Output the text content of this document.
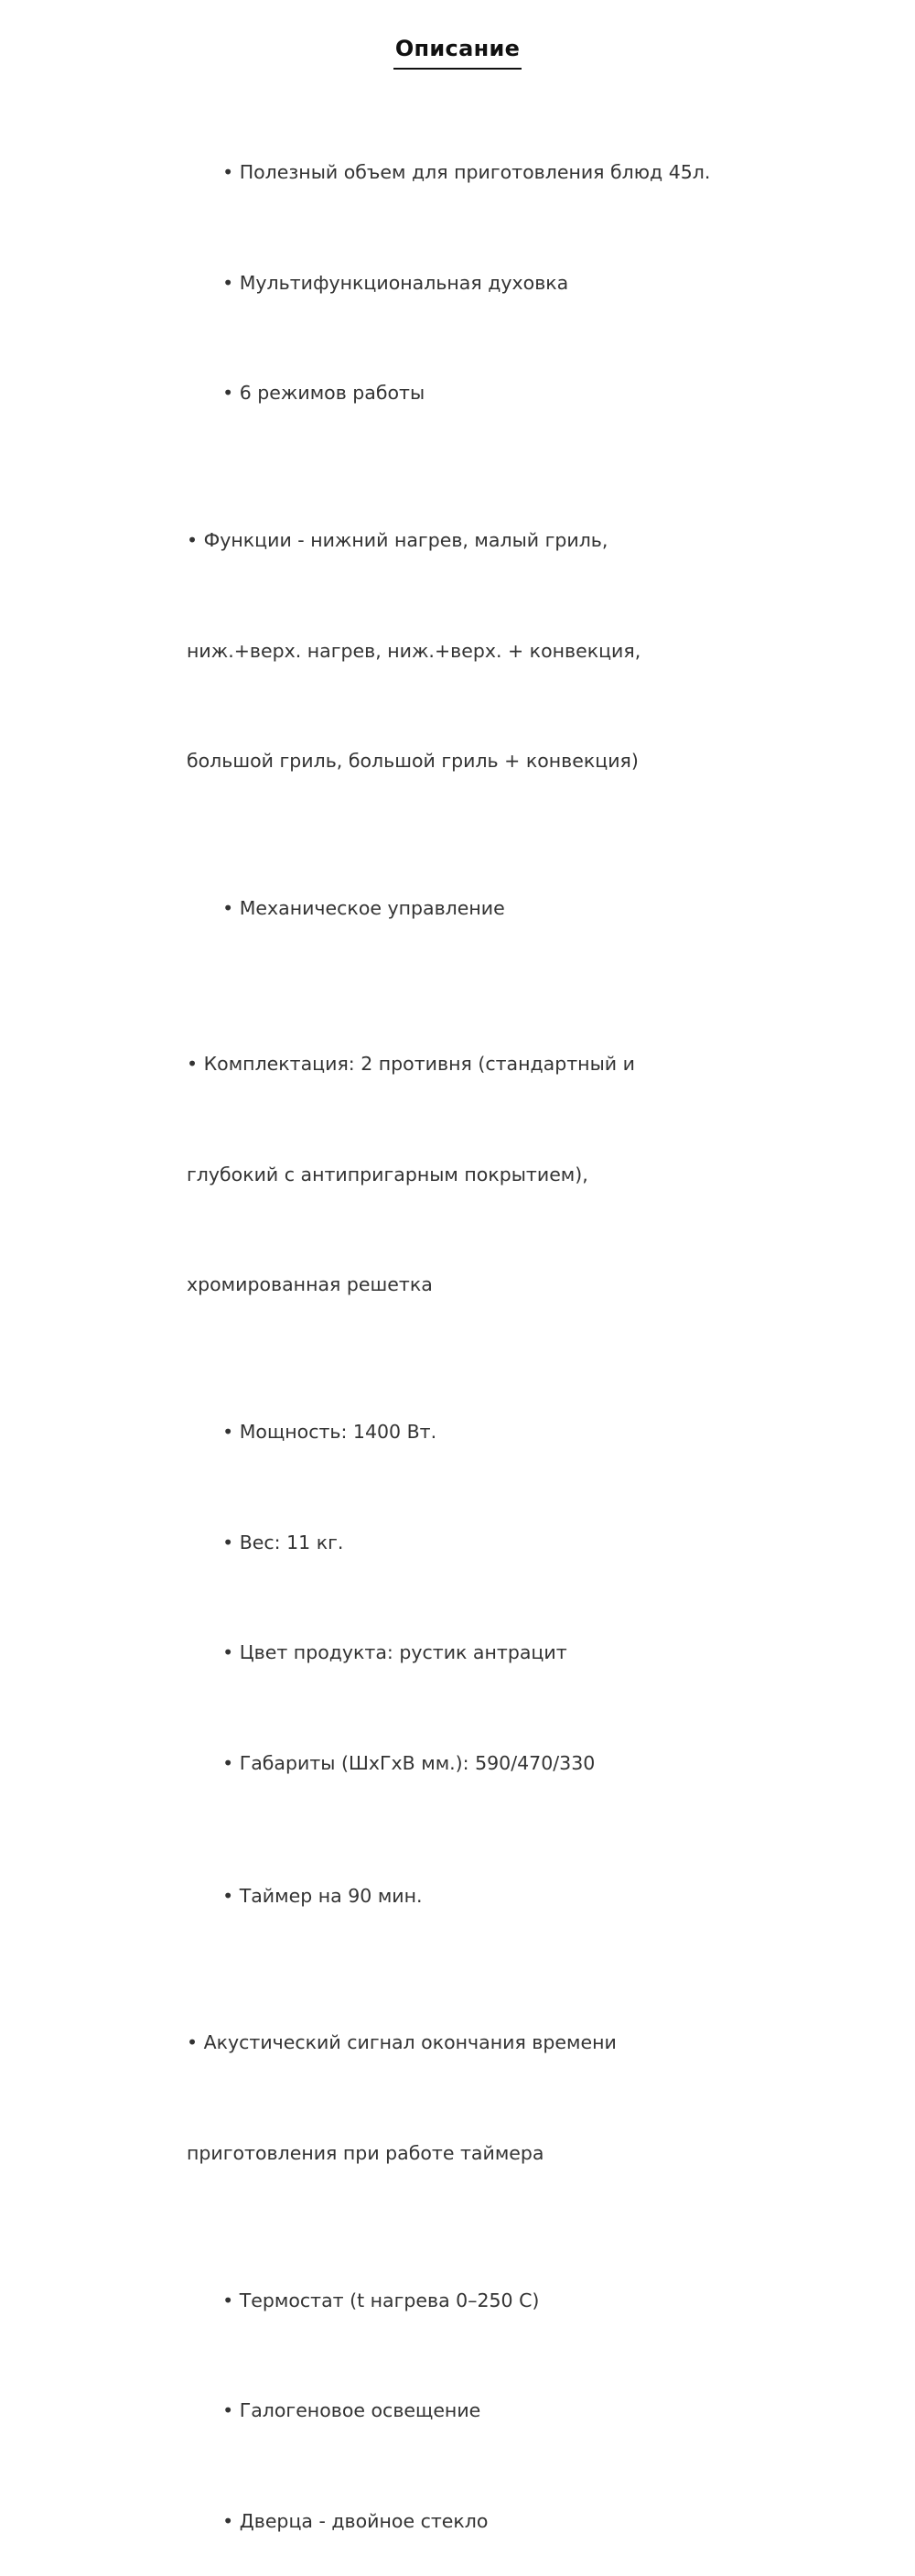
Описание

• Полезный объем для приготовления блюд 45л.

• Мультифункциональная духовка

• 6 режимов работы

• Функции - нижний нагрев, малый гриль,

ниж.+верх. нагрев, ниж.+верх. + конвекция,

большой гриль, большой гриль + конвекция)

• Механическое управление

• Комплектация: 2 противня (стандартный и

глубокий с антипригарным покрытием),

хромированная решетка

• Мощность: 1400 Вт.

• Вес: 11 кг.

• Цвет продукта: рустик антрацит

• Габариты (ШхГхВ мм.): 590/470/330

• Таймер на 90 мин.

• Акустический сигнал окончания времени

приготовления при работе таймера

• Термостат (t нагрева 0–250 С)

• Галогеновое освещение

• Дверца - двойное стекло
